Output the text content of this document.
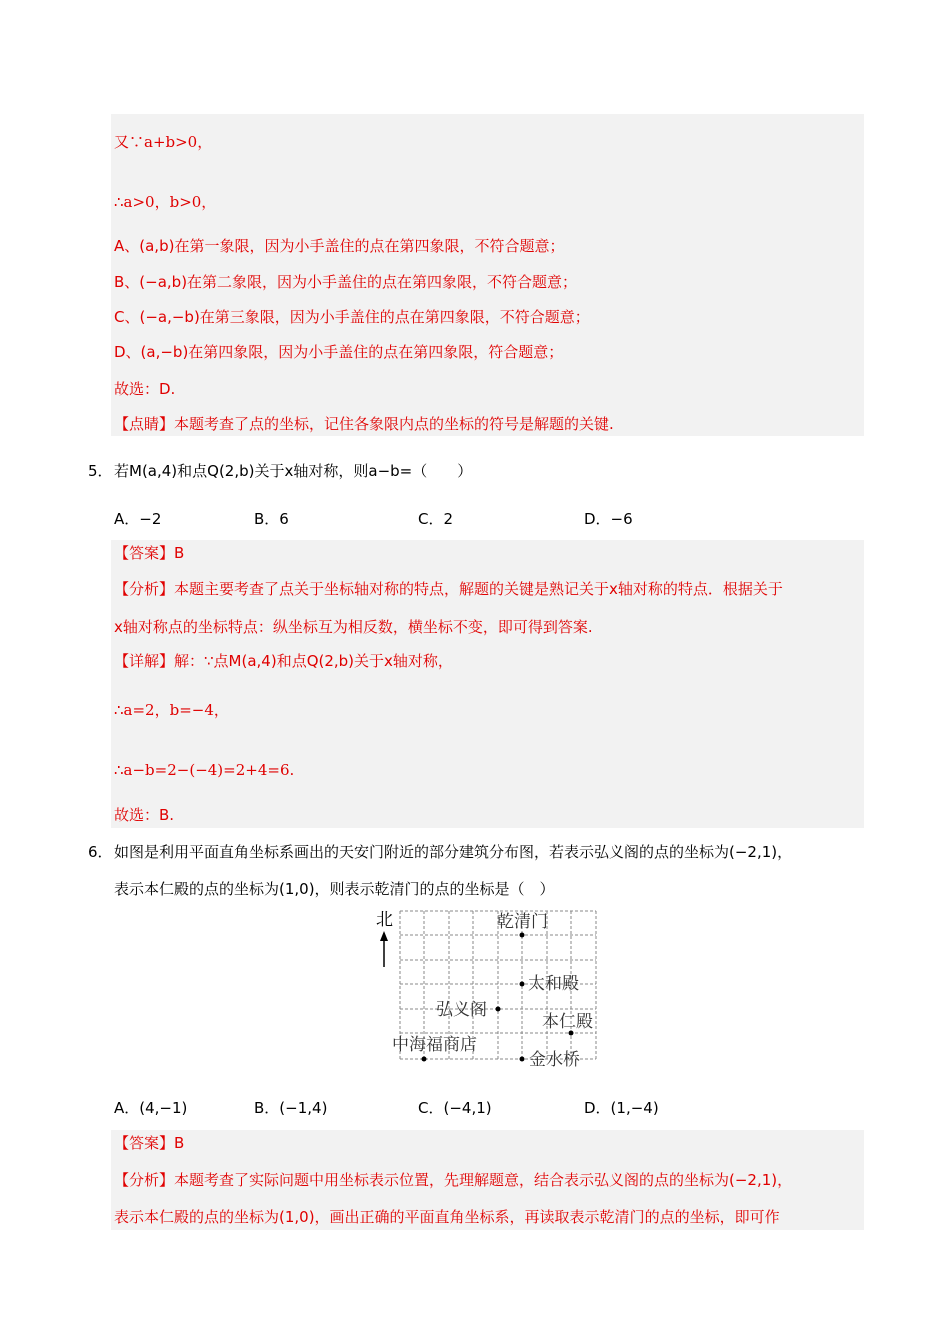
又∵a+b>0，
∴a>0，b>0，
A、(a,b)在第一象限，因为小手盖住的点在第四象限，不符合题意；
B、(−a,b)在第二象限，因为小手盖住的点在第四象限，不符合题意；
C、(−a,−b)在第三象限，因为小手盖住的点在第四象限，不符合题意；
D、(a,−b)在第四象限，因为小手盖住的点在第四象限，符合题意；
故选：D.
【点睛】本题考查了点的坐标，记住各象限内点的坐标的符号是解题的关键.
5． 若M(a,4)和点Q(2,b)关于x轴对称，则a−b=（　　）
A．−2	B．6	C．2	D．−6
【答案】B
【分析】本题主要考查了点关于坐标轴对称的特点，解题的关键是熟记关于x轴对称的特点．根据关于
x轴对称点的坐标特点：纵坐标互为相反数，横坐标不变，即可得到答案.
【详解】解：∵点M(a,4)和点Q(2,b)关于x轴对称，
∴a=2，b=−4，
∴a−b=2−(−4)=2+4=6.
故选：B.
6． 如图是利用平面直角坐标系画出的天安门附近的部分建筑分布图，若表示弘义阁的点的坐标为(−2,1)，
表示本仁殿的点的坐标为(1,0)，则表示乾清门的点的坐标是（　）
北	乾清门
太和殿
弘义阁
本仁殿
中海福商店
金水桥
A．(4,−1)	B．(−1,4)	C．(−4,1)	D．(1,−4)
【答案】B
【分析】本题考查了实际问题中用坐标表示位置，先理解题意，结合表示弘义阁的点的坐标为(−2,1)，
表示本仁殿的点的坐标为(1,0)，画出正确的平面直角坐标系，再读取表示乾清门的点的坐标，即可作
